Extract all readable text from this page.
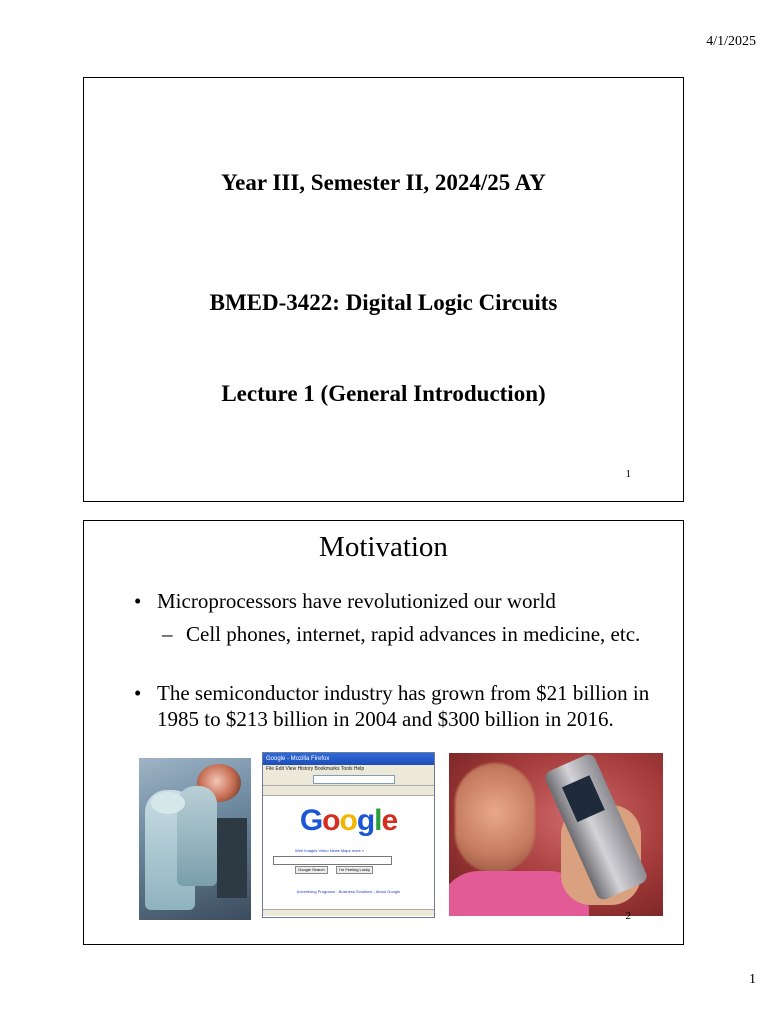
4/1/2025
Year III, Semester II, 2024/25 AY
BMED-3422: Digital Logic Circuits
Lecture 1 (General Introduction)
1
Motivation
• Microprocessors have revolutionized our world
– Cell phones, internet, rapid advances in medicine, etc.
• The semiconductor industry has grown from $21 billion in 1985 to $213 billion in 2004 and $300 billion in 2016.
Google - Mozilla Firefox
File Edit View History Bookmarks Tools Help
Google
Web Images Video News Maps more »
Google Search	I'm Feeling Lucky
Advertising Programs - Business Solutions - About Google
2
1
